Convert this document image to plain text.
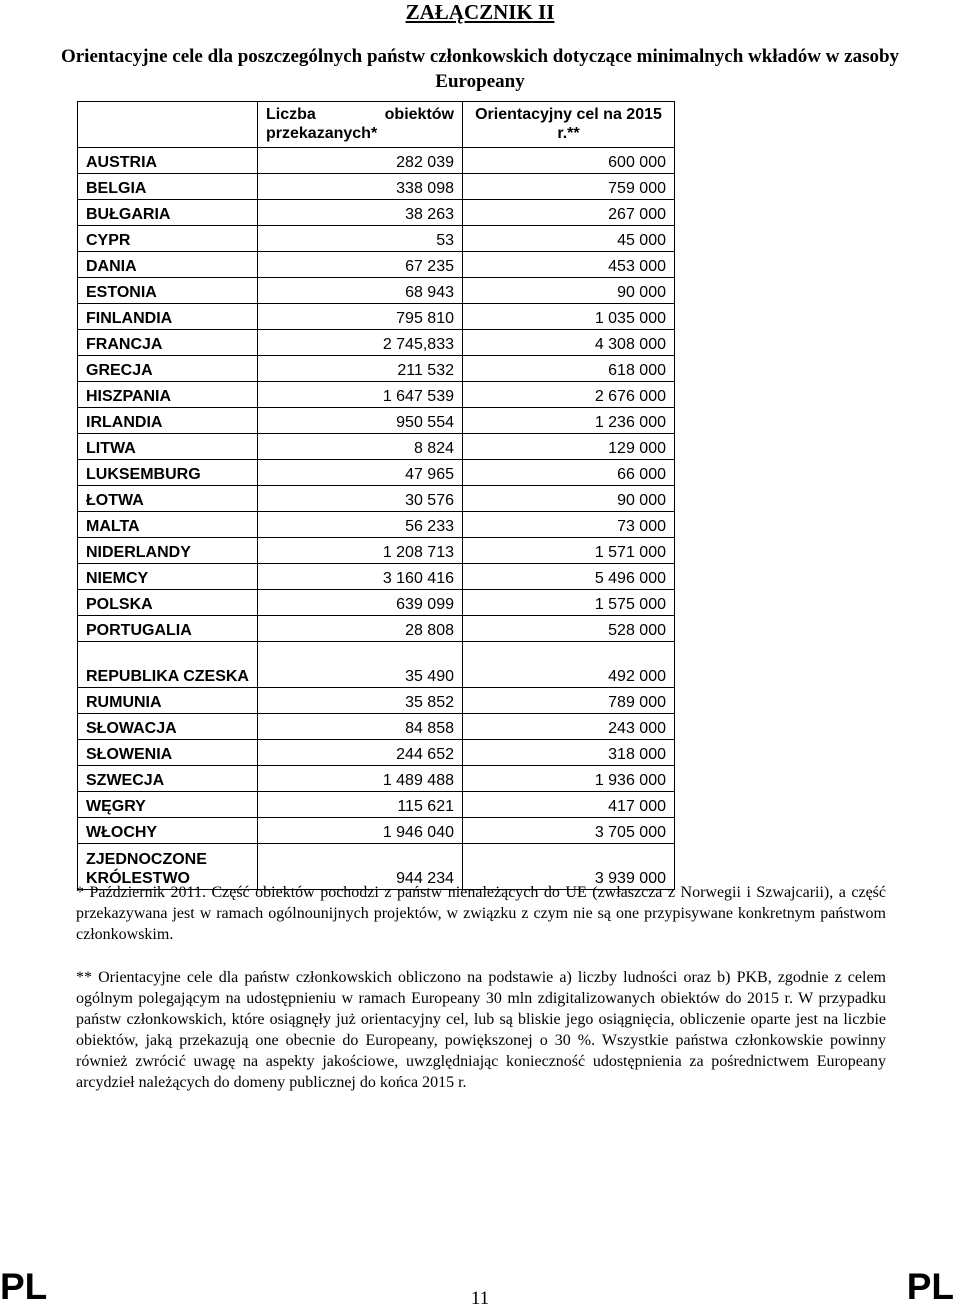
ZAŁĄCZNIK II
Orientacyjne cele dla poszczególnych państw członkowskich dotyczące minimalnych wkładów w zasoby Europeany
	Liczba obiektów przekazanych*	Orientacyjny cel na 2015 r.**
AUSTRIA	282 039	600 000
BELGIA	338 098	759 000
BUŁGARIA	38 263	267 000
CYPR	53	45 000
DANIA	67 235	453 000
ESTONIA	68 943	90 000
FINLANDIA	795 810	1 035 000
FRANCJA	2 745,833	4 308 000
GRECJA	211 532	618 000
HISZPANIA	1 647 539	2 676 000
IRLANDIA	950 554	1 236 000
LITWA	8 824	129 000
LUKSEMBURG	47 965	66 000
ŁOTWA	30 576	90 000
MALTA	56 233	73 000
NIDERLANDY	1 208 713	1 571 000
NIEMCY	3 160 416	5 496 000
POLSKA	639 099	1 575 000
PORTUGALIA	28 808	528 000
REPUBLIKA CZESKA	35 490	492 000
RUMUNIA	35 852	789 000
SŁOWACJA	84 858	243 000
SŁOWENIA	244 652	318 000
SZWECJA	1 489 488	1 936 000
WĘGRY	115 621	417 000
WŁOCHY	1 946 040	3 705 000
ZJEDNOCZONE KRÓLESTWO	944 234	3 939 000
* Październik 2011. Część obiektów pochodzi z państw nienależących do UE (zwłaszcza z Norwegii i Szwajcarii), a część przekazywana jest w ramach ogólnounijnych projektów, w związku z czym nie są one przypisywane konkretnym państwom członkowskim.
** Orientacyjne cele dla państw członkowskich obliczono na podstawie a) liczby ludności oraz b) PKB, zgodnie z celem ogólnym polegającym na udostępnieniu w ramach Europeany 30 mln zdigitalizowanych obiektów do 2015 r. W przypadku państw członkowskich, które osiągnęły już orientacyjny cel, lub są bliskie jego osiągnięcia, obliczenie oparte jest na liczbie obiektów, jaką przekazują one obecnie do Europeany, powiększonej o 30 %. Wszystkie państwa członkowskie powinny również zwrócić uwagę na aspekty jakościowe, uwzględniając konieczność udostępnienia za pośrednictwem Europeany arcydzieł należących do domeny publicznej do końca 2015 r.
PL	11	PL
